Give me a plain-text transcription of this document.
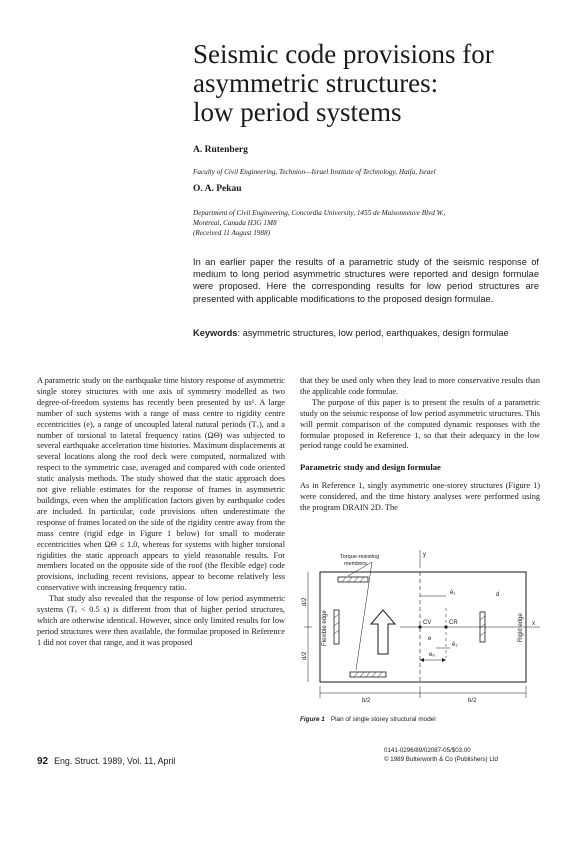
Seismic code provisions for
asymmetric structures:
low period systems
A. Rutenberg
Faculty of Civil Engineering, Technion—Israel Institute of Technology, Haifa, Israel
O. A. Pekau
Department of Civil Engineering, Concordia University, 1455 de Maisonneuve Blvd W.,
Montreal, Canada H3G 1M8
(Received 11 August 1988)
In an earlier paper the results of a parametric study of the seismic response of medium to long period asymmetric structures were reported and design formulae were proposed. Here the corresponding results for low period structures are presented with applicable modifications to the proposed design formulae.
Keywords: asymmetric structures, low period, earthquakes, design formulae

A parametric study on the earthquake time history response of asymmetric single storey structures with one axis of symmetry modelled as two degree-of-freedom systems has recently been presented by us¹. A large number of such systems with a range of mass centre to rigidity centre eccentricities (e), a range of uncoupled lateral natural periods (Tₓ), and a number of torsional to lateral frequency ratios (ΩΘ) was subjected to several earthquake acceleration time histories. Maximum displacements at several locations along the roof deck were computed, normalized with respect to the symmetric case, averaged and compared with code oriented static analysis methods. The study showed that the static approach does not give reliable estimates for the response of frames in asymmetric buildings, even when the amplification factors given by earthquake codes are included. In particular, code provisions often underestimate the response of frames located on the side of the rigidity centre away from the mass centre (rigid edge in Figure 1 below) for small to moderate eccentricities when ΩΘ ≤ 1.0, whereas for systems with higher torsional rigidities the static approach appears to yield reasonable results. For members located on the opposite side of the roof (the flexible edge) code provisions, including recent revisions, appear to become relatively less conservative with increasing frequency ratio.

That study also revealed that the response of low period asymmetric systems (Tₓ < 0.5 s) is different from that of higher period structures, which are otherwise identical. However, since only limited results for low period structures were then available, the formulae proposed in Reference 1 did not cover that range, and it was proposed

that they be used only when they lead to more conservative results than the applicable code formulae.

The purpose of this paper is to present the results of a parametric study on the seismic response of low period asymmetric structures. This will permit comparison of the computed dynamic responses with the formulae proposed in Reference 1, so that their adequacy in the low period range could be examined.

Parametric study and design formulae

As in Reference 1, singly asymmetric one-storey structures (Figure 1) were considered, and the time history analyses were performed using the program DRAIN 2D. The

Torque-resisting
members
Flexible edge	Rigid edge
CV	CR
eₔ
e
ē₁
ē₂
d
x
y
b/2	b/2
d/2
d/2
Figure 1 Plan of single storey structural model
92 Eng. Struct. 1989, Vol. 11, April
0141-0296/89/02087-05/$03.00
© 1989 Butterworth & Co (Publishers) Ltd
